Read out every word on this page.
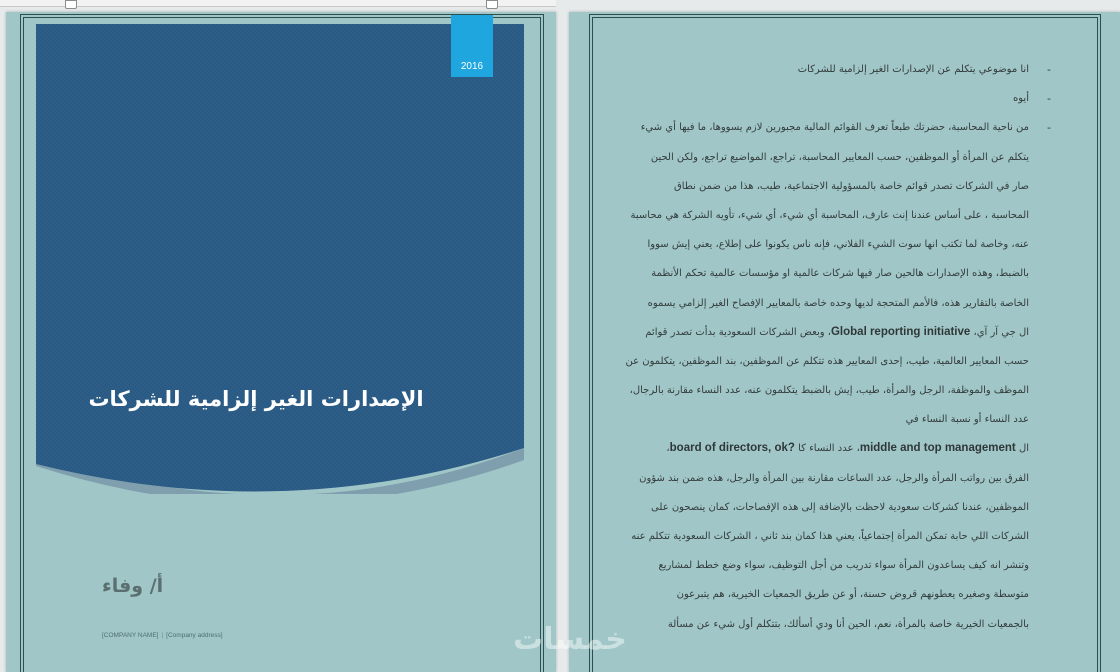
2016
الإصدارات الغير إلزامية للشركات
أ/ وفاء
[COMPANY NAME] | [Company address]
-
انا موضوعي يتكلم عن الإصدارات الغير إلزامية للشركات
-
أيوه
-
من ناحية المحاسبة، حضرتك طبعاً تعرف القوائم المالية مجبورين لازم يسووها، ما فيها أي شيء
يتكلم عن المرأة أو الموظفين، حسب المعايير المحاسبة، تراجع، المواضيع تراجع، ولكن الحين
صار في الشركات تصدر قوائم خاصة بالمسؤولية الاجتماعية، طيب، هذا من ضمن نطاق
المحاسبة ، على أساس عندنا إنت عارف، المحاسبة أي شيء، أي شيء، تأويه الشركة هي محاسبة
عنه، وخاصة لما تكتب انها سوت الشيء الفلاني، فإنه ناس يكونوا على إطلاع، يعني إيش سووا
بالضبط، وهذه الإصدارات هالحين صار فيها شركات عالمية او مؤسسات عالمية تحكم الأنظمة
الخاصة بالتقارير هذه، فالأمم المتحجة لديها وحده خاصة بالمعايير الإفصاح الغير إلزامي يسموه
ال جي آر آي، Global reporting initiative، وبعض الشركات السعودية بدأت تصدر قوائم
حسب المعايير العالمية، طيب، إحدى المعايير هذه تتكلم عن الموظفين، بند الموظفين، يتكلمون عن
الموظف والموظفة، الرجل والمرأة، طيب، إيش بالضبط يتكلمون عنه، عدد النساء مقارنة بالرجال،
عدد النساء أو نسبة النساء في
ال middle and top management، عدد النساء كا board of directors, ok?،
الفرق بين رواتب المرأة والرجل، عدد الساعات مقارنة بين المرأة والرجل، هذه ضمن بند شؤون
الموظفين، عندنا كشركات سعودية لاحظت بالإضافة إلى هذه الإفصاحات، كمان ينصحون على
الشركات اللي حابة تمكن المرأة إجتماعياً، يعني هذا كمان بند ثاني ، الشركات السعودية تتكلم عنه
وتنشر انه كيف يساعدون المرأة سواء تدريب من أجل التوظيف، سواء وضع خطط لمشاريع
متوسطة وصغيره يعطونهم قروض حسنة، أو عن طريق الجمعيات الخيرية، هم يتبرعون
بالجمعيات الخيرية خاصة بالمرأة، نعم، الحين أنا ودي أسألك، بتتكلم أول شيء عن مسألة
خمسات
